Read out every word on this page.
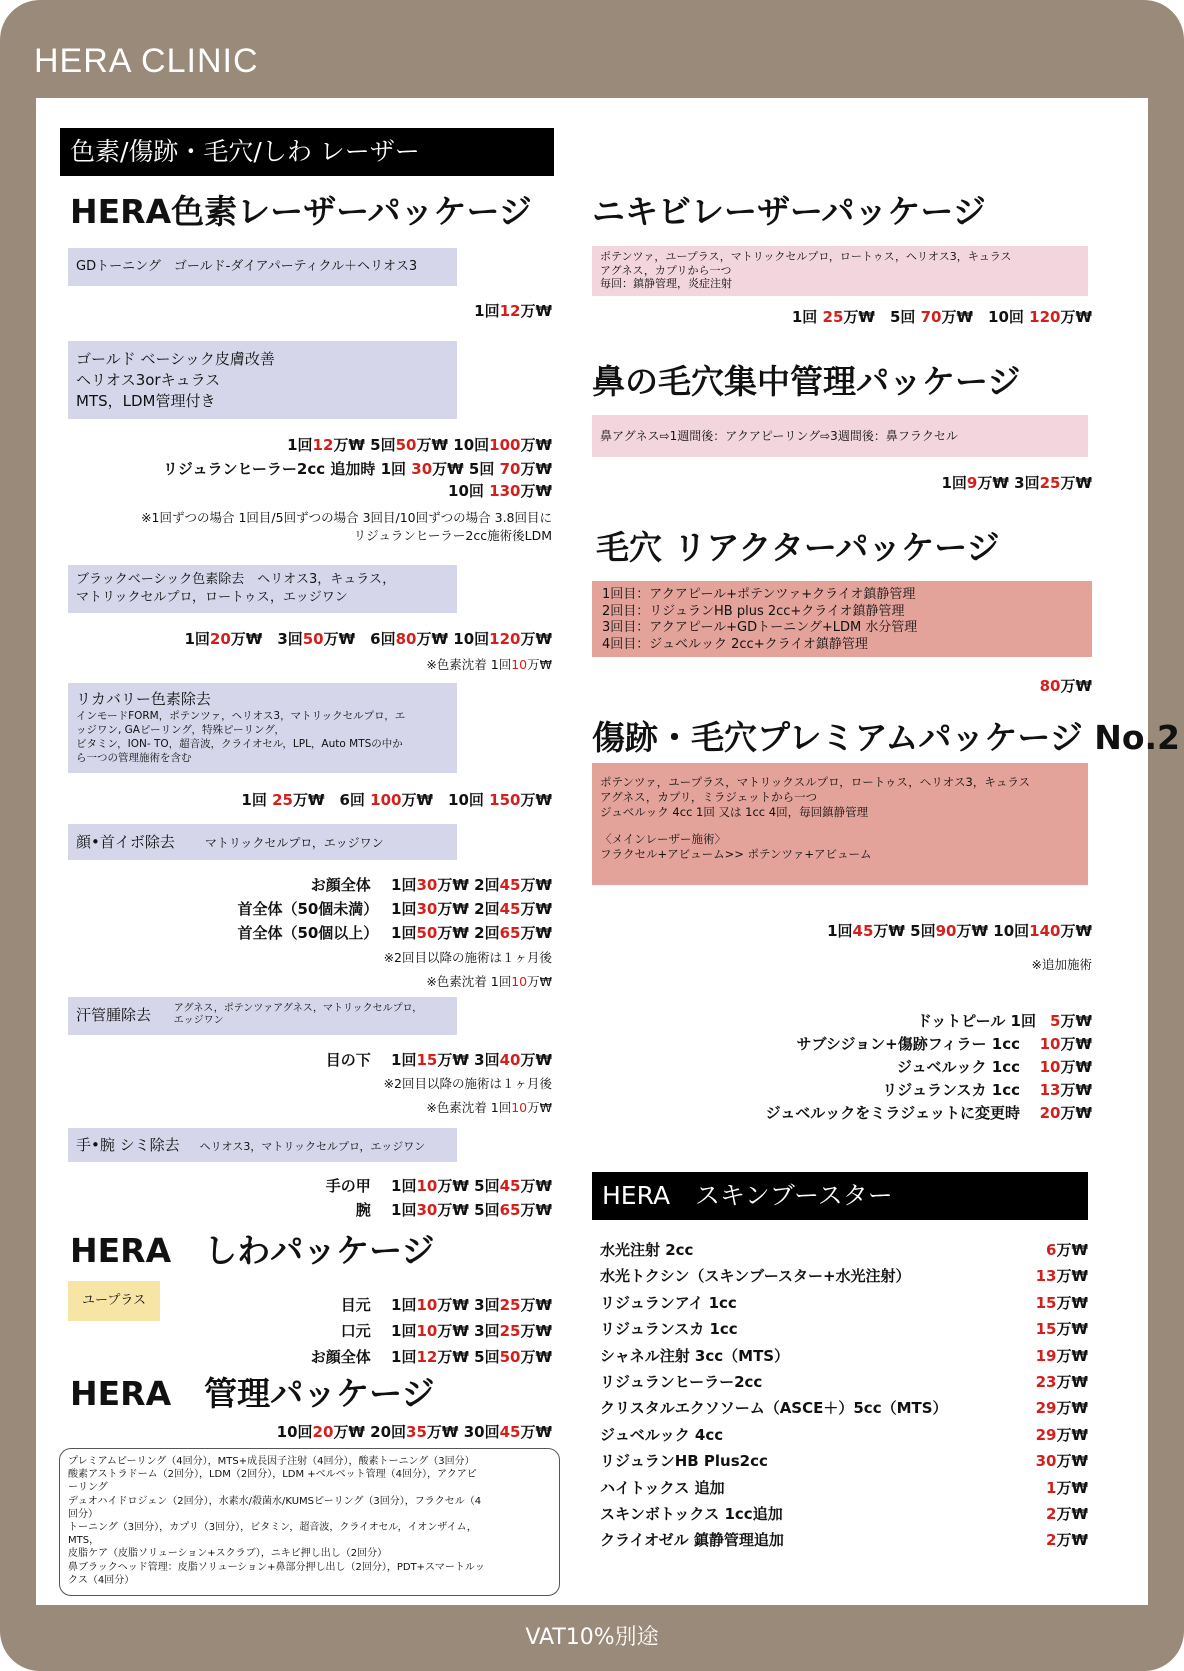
HERA CLINIC
VAT10%別途
色素/傷跡・毛穴/しわ レーザー
HERA色素レーザーパッケージ
GDトーニング　ゴールド-ダイアパーティクル＋ヘリオス3
1回12万₩
ゴールド ベーシック皮膚改善
ヘリオス3orキュラス
MTS，LDM管理付き
1回12万₩ 5回50万₩ 10回100万₩
リジュランヒーラー2cc 追加時 1回 30万₩ 5回 70万₩
10回 130万₩
※1回ずつの場合 1回目/5回ずつの場合 3回目/10回ずつの場合 3.8回目に
リジュランヒーラー2cc施術後LDM
ブラックベーシック色素除去　ヘリオス3，キュラス，
マトリックセルプロ，ロートゥス，エッジワン
1回20万₩　3回50万₩　6回80万₩ 10回120万₩
※色素沈着 1回10万₩
リカバリー色素除去
インモードFORM，ポテンツァ，ヘリオス3，マトリックセルプロ，エ
ッジワン, GAピーリング，特殊ピーリング，
ビタミン，ION- TO，超音波，クライオセル，LPL，Auto MTSの中か
ら一つの管理施術を含む
1回 25万₩　6回 100万₩　10回 150万₩
顔•首イボ除去	マトリックセルプロ，エッジワン
お顔全体　 1回30万₩ 2回45万₩
首全体（50個未満）　 1回30万₩ 2回45万₩
首全体（50個以上）　 1回50万₩ 2回65万₩
※2回目以降の施術は１ヶ月後
※色素沈着 1回10万₩
汗管腫除去 アグネス，ポテンツァアグネス，マトリックセルプロ，
エッジワン
目の下　 1回15万₩ 3回40万₩
※2回目以降の施術は１ヶ月後
※色素沈着 1回10万₩
手•腕 シミ除去 ヘリオス3，マトリックセルプロ，エッジワン
手の甲　 1回10万₩ 5回45万₩
腕　 1回30万₩ 5回65万₩
HERA　しわパッケージ
ユープラス	目元　 1回10万₩ 3回25万₩
口元　 1回10万₩ 3回25万₩
お顔全体　 1回12万₩ 5回50万₩
HERA　管理パッケージ
10回20万₩ 20回35万₩ 30回45万₩
プレミアムピーリング（4回分），MTS+成長因子注射（4回分），酸素トーニング（3回分）
酸素アストラドーム（2回分），LDM（2回分），LDM +ベルベット管理（4回分），アクアピ
ーリング
デュオハイドロジェン（2回分），水素水/殺菌水/KUMSピーリング（3回分），フラクセル（4
回分）
トーニング（3回分），カプリ（3回分），ビタミン，超音波，クライオセル，イオンザイム，
MTS，
皮脂ケア（皮脂ソリューション+スクラブ），ニキビ押し出し（2回分）
鼻ブラックヘッド管理：皮脂ソリューション+鼻部分押し出し（2回分），PDT+スマートルッ
クス（4回分）
ニキビレーザーパッケージ
ポテンツァ，ユープラス，マトリックセルプロ，ロートゥス，ヘリオス3，キュラス
アグネス，カプリから一つ
毎回：鎮静管理，炎症注射
1回 25万₩　5回 70万₩　10回 120万₩
鼻の毛穴集中管理パッケージ
鼻アグネス⇨1週間後：アクアピーリング⇨3週間後：鼻フラクセル
1回9万₩ 3回25万₩
毛穴 リアクターパッケージ
1回目：アクアピール+ポテンツァ+クライオ鎮静管理
2回目：リジュランHB plus 2cc+クライオ鎮静管理
3回目：アクアピール+GDトーニング+LDM 水分管理
4回目：ジュベルック 2cc+クライオ鎮静管理
80万₩
傷跡・毛穴プレミアムパッケージ No.2
ポテンツァ，ユープラス，マトリックスルプロ，ロートゥス，ヘリオス3，キュラス
アグネス，カプリ，ミラジェットから一つ
ジュベルック 4cc 1回 又は 1cc 4回，毎回鎮静管理
〈メインレーザー施術〉
フラクセル+アビューム>> ポテンツァ+アビューム
1回45万₩ 5回90万₩ 10回140万₩
※追加施術
ドットピール 1回 5万₩
サブシジョン+傷跡フィラー 1cc 10万₩
ジュベルック 1cc 10万₩
リジュランスカ 1cc 13万₩
ジュベルックをミラジェットに変更時 20万₩
HERA　スキンブースター
水光注射 2cc	6万₩
水光トクシン（スキンブースター+水光注射）	13万₩
リジュランアイ 1cc	15万₩
リジュランスカ 1cc	15万₩
シャネル注射 3cc（MTS）	19万₩
リジュランヒーラー2cc	23万₩
クリスタルエクソソーム（ASCE＋）5cc（MTS）	29万₩
ジュベルック 4cc	29万₩
リジュランHB Plus2cc	30万₩
ハイトックス 追加	1万₩
スキンボトックス 1cc追加	2万₩
クライオゼル 鎮静管理追加	2万₩
